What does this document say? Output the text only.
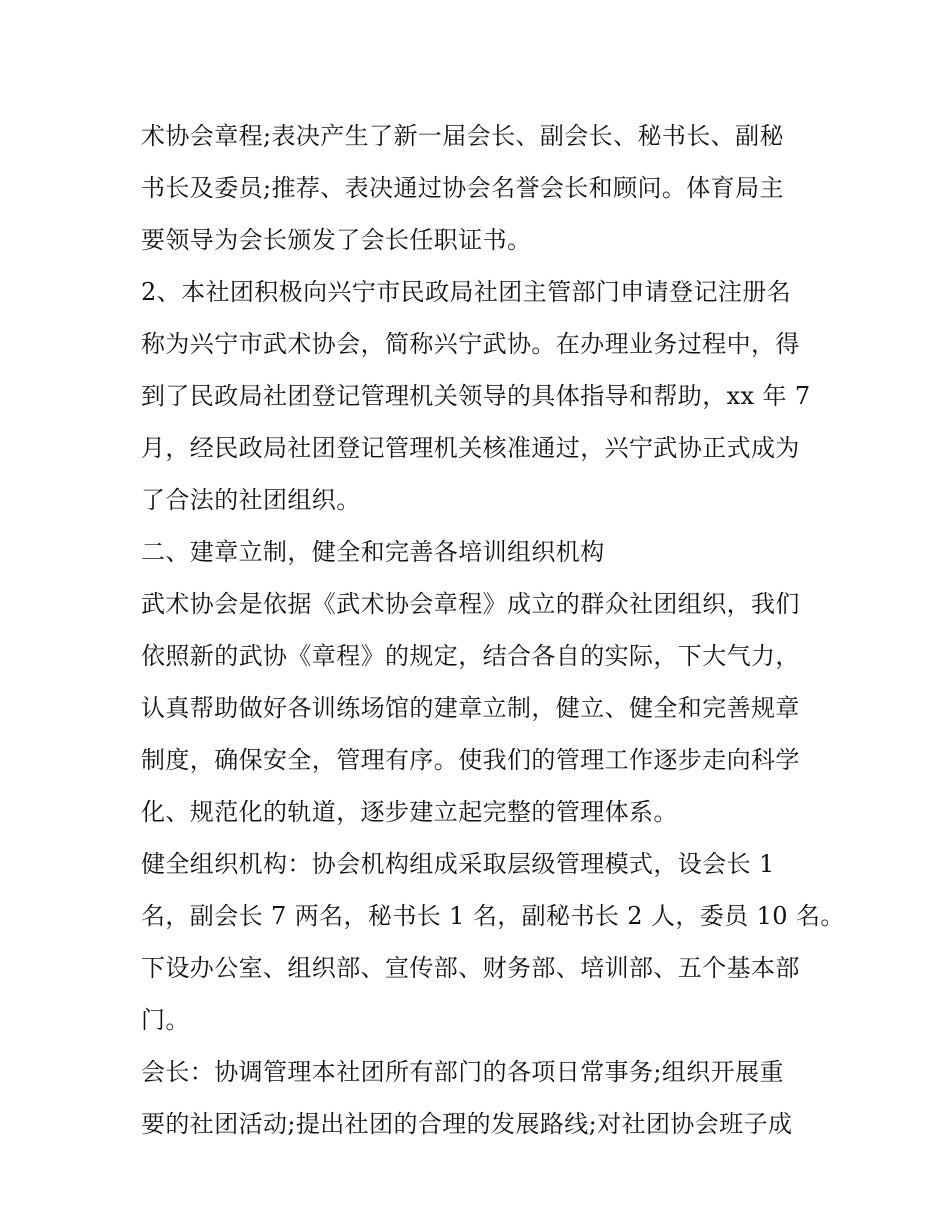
术协会章程;表决产生了新一届会长、副会长、秘书长、副秘
书长及委员;推荐、表决通过协会名誉会长和顾问。体育局主
要领导为会长颁发了会长任职证书。
2、本社团积极向兴宁市民政局社团主管部门申请登记注册名
称为兴宁市武术协会，简称兴宁武协。在办理业务过程中，得
到了民政局社团登记管理机关领导的具体指导和帮助，xx 年 7
月，经民政局社团登记管理机关核准通过，兴宁武协正式成为
了合法的社团组织。
二、建章立制，健全和完善各培训组织机构
武术协会是依据《武术协会章程》成立的群众社团组织，我们
依照新的武协《章程》的规定，结合各自的实际，下大气力，
认真帮助做好各训练场馆的建章立制，健立、健全和完善规章
制度，确保安全，管理有序。使我们的管理工作逐步走向科学
化、规范化的轨道，逐步建立起完整的管理体系。
健全组织机构：协会机构组成采取层级管理模式，设会长 1
名，副会长 7 两名，秘书长 1 名，副秘书长 2 人，委员 10 名。
下设办公室、组织部、宣传部、财务部、培训部、五个基本部
门。
会长：协调管理本社团所有部门的各项日常事务;组织开展重
要的社团活动;提出社团的合理的发展路线;对社团协会班子成
